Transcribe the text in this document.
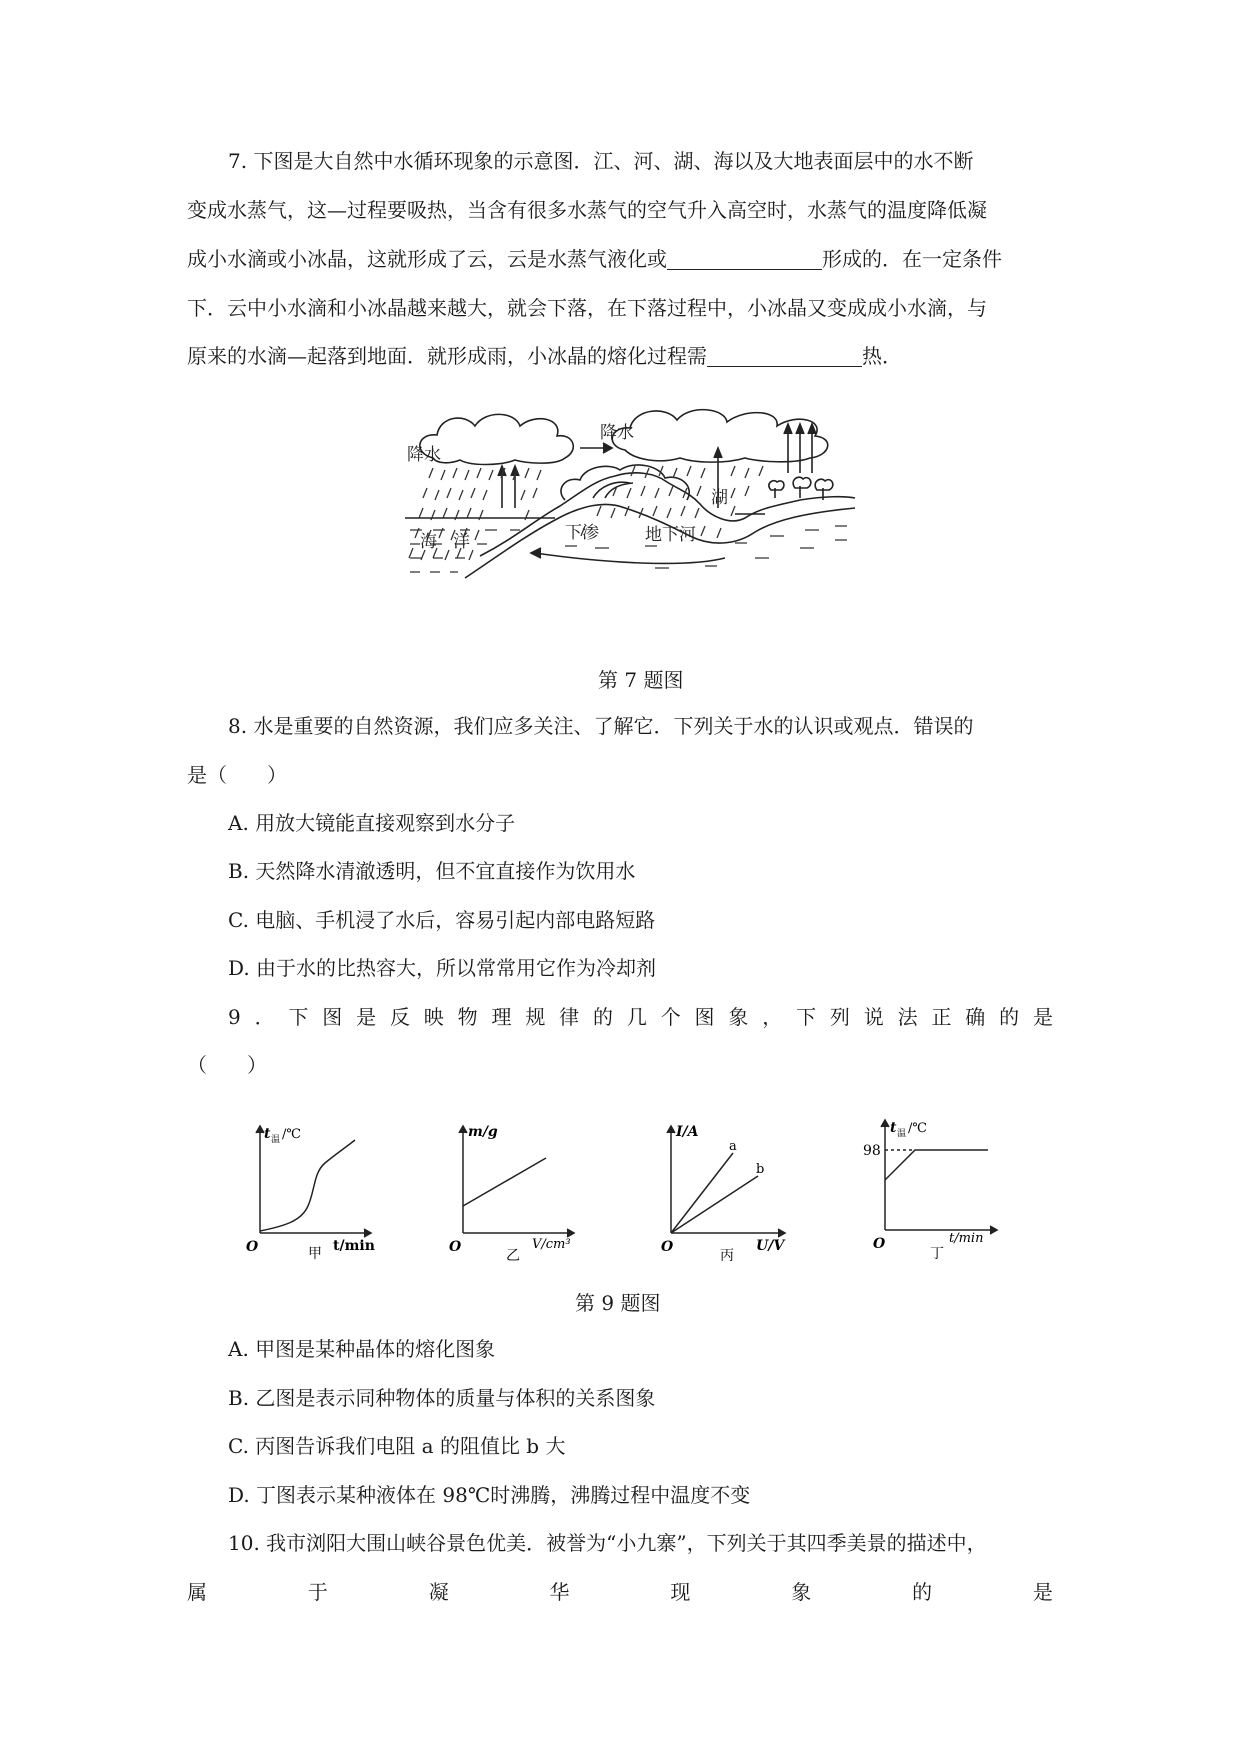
7. 下图是大自然中水循环现象的示意图．江、河、湖、海以及大地表面层中的水不断
变成水蒸气，这—过程要吸热，当含有很多水蒸气的空气升入高空时，水蒸气的温度降低凝
成小水滴或小冰晶，这就形成了云，云是水蒸气液化或	形成的．在一定条件
下．云中小水滴和小冰晶越来越大，就会下落，在下落过程中，小冰晶又变成成小水滴，与
原来的水滴—起落到地面．就形成雨，小冰晶的熔化过程需	热．
降水
降水
湖
海 洋	下渗	地下河
第 7 题图
8. 水是重要的自然资源，我们应多关注、了解它．下列关于水的认识或观点．错误的
是（　　）
A. 用放大镜能直接观察到水分子
B. 天然降水清澈透明，但不宜直接作为饮用水
C. 电脑、手机浸了水后，容易引起内部电路短路
D. 由于水的比热容大，所以常常用它作为冷却剂
9 ． 下 图 是 反 映 物 理 规 律 的 几 个 图 象 ， 下 列 说 法 正 确 的 是
（　　）
t 温 /℃
O	t/min
甲
m/g
O	V/cm³
乙
I/A
a
b
O	U/V
丙
t 温 /℃
98
O	t/min
丁
第 9 题图
A. 甲图是某种晶体的熔化图象
B. 乙图是表示同种物体的质量与体积的关系图象
C. 丙图告诉我们电阻 a 的阻值比 b 大
D. 丁图表示某种液体在 98℃时沸腾，沸腾过程中温度不变
10. 我市浏阳大围山峡谷景色优美．被誉为“小九寨”，下列关于其四季美景的描述中，
属	于	凝	华	现	象	的	是
